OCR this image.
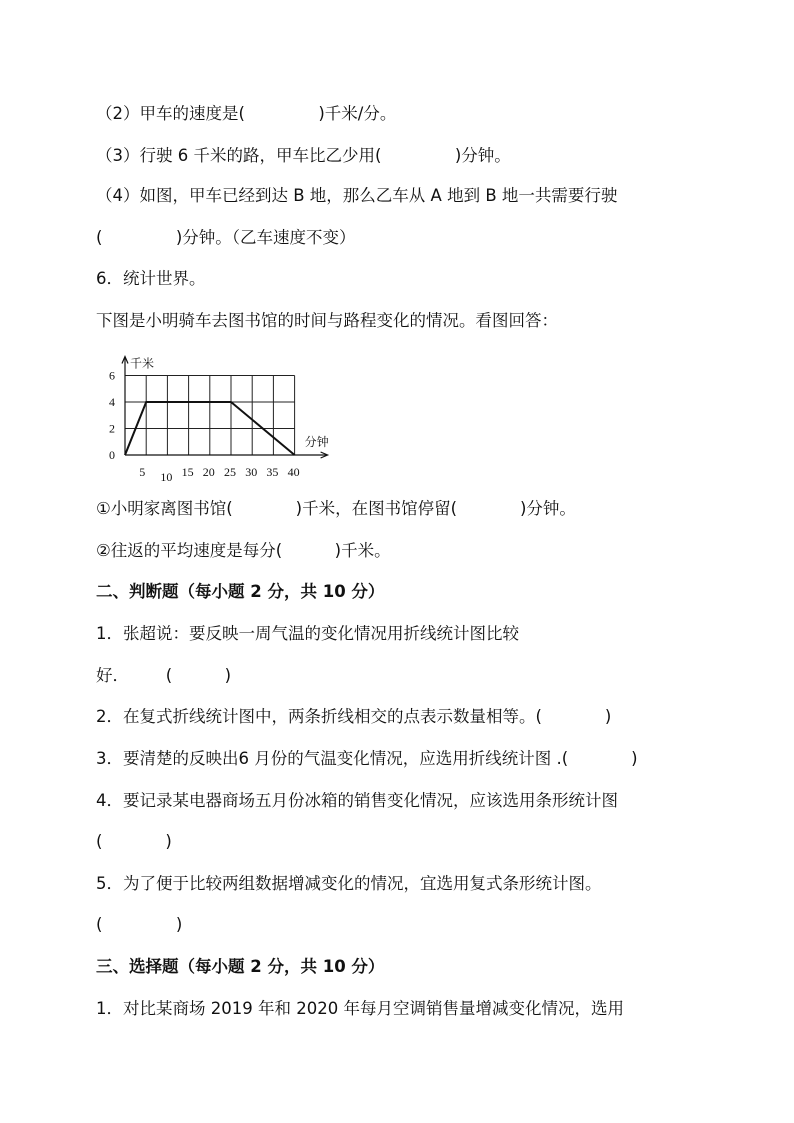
（2）甲车的速度是(              )千米/分。
（3）行驶 6 千米的路，甲车比乙少用(              )分钟。
（4）如图，甲车已经到达 B 地，那么乙车从 A 地到 B 地一共需要行驶
(              )分钟。（乙车速度不变）
6．统计世界。
下图是小明骑车去图书馆的时间与路程变化的情况。看图回答：
千米
分钟
0
2
4
6
5 10 15 20 25 30 35 40
①小明家离图书馆(            )千米，在图书馆停留(            )分钟。
②往返的平均速度是每分(          )千米。
二、判断题（每小题 2 分，共 10 分）
1．张超说：要反映一周气温的变化情况用折线统计图比较
好．       (          )
2．在复式折线统计图中，两条折线相交的点表示数量相等。(            )
3．要清楚的反映出6 月份的气温变化情况，应选用折线统计图 .(            )
4．要记录某电器商场五月份冰箱的销售变化情况，应该选用条形统计图
(            )
5．为了便于比较两组数据增减变化的情况，宜选用复式条形统计图。
(              )
三、选择题（每小题 2 分，共 10 分）
1．对比某商场 2019 年和 2020 年每月空调销售量增减变化情况，选用
